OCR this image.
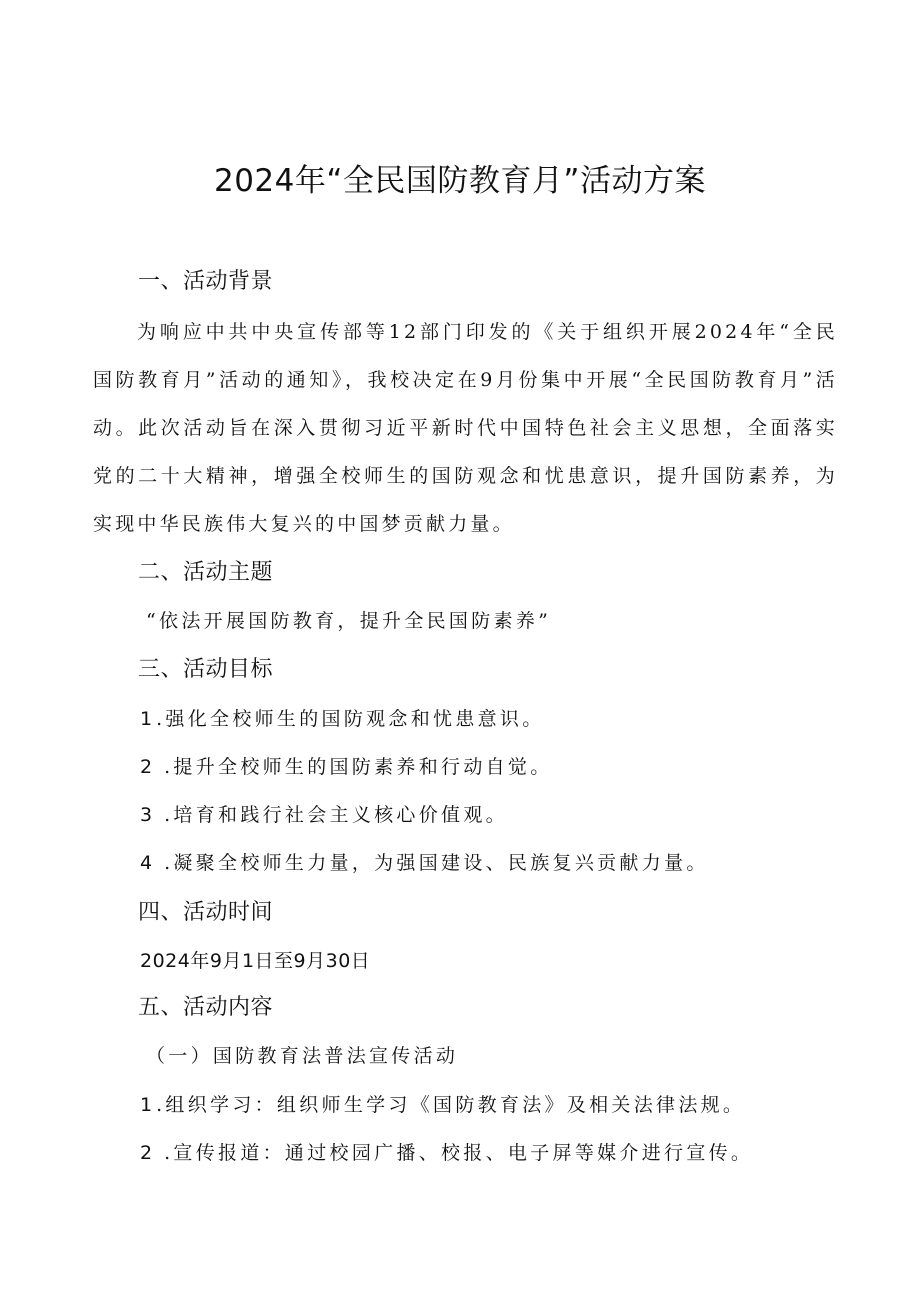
2024年“全民国防教育月”活动方案
一、活动背景

为响应中共中央宣传部等12部门印发的《关于组织开展2024年“全民国防教育月”活动的通知》，我校决定在9月份集中开展“全民国防教育月”活动。此次活动旨在深入贯彻习近平新时代中国特色社会主义思想，全面落实党的二十大精神，增强全校师生的国防观念和忧患意识，提升国防素养，为实现中华民族伟大复兴的中国梦贡献力量。

二、活动主题
“依法开展国防教育，提升全民国防素养”
三、活动目标
1 .强化全校师生的国防观念和忧患意识。
2 .提升全校师生的国防素养和行动自觉。
3 .培育和践行社会主义核心价值观。
4 .凝聚全校师生力量，为强国建设、民族复兴贡献力量。
四、活动时间
2024年9月1日至9月30日
五、活动内容
（一）国防教育法普法宣传活动
1 .组织学习：组织师生学习《国防教育法》及相关法律法规。
2 .宣传报道：通过校园广播、校报、电子屏等媒介进行宣传。
